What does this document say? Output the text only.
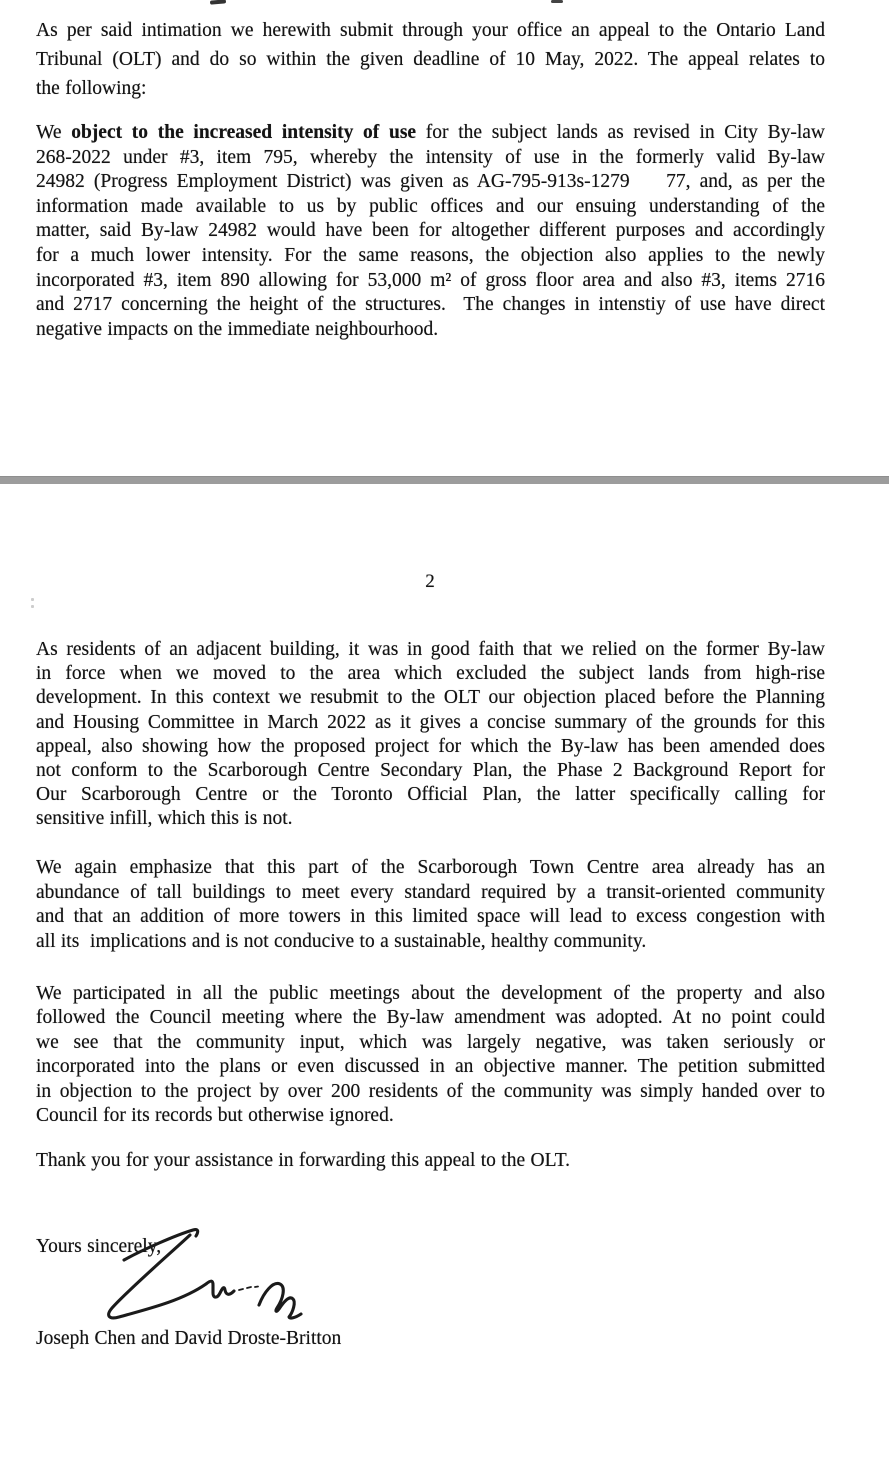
As per said intimation we herewith submit through your office an appeal to the Ontario Land
Tribunal (OLT) and do so within the given deadline of 10 May, 2022. The appeal relates to
the following:
We object to the increased intensity of use for the subject lands as revised in City By-law
268-2022 under #3, item 795, whereby the intensity of use in the formerly valid By-law
24982 (Progress Employment District) was given as AG-795-913s-1279    77, and, as per the
information made available to us by public offices and our ensuing understanding of the
matter, said By-law 24982 would have been for altogether different purposes and accordingly
for a much lower intensity. For the same reasons, the objection also applies to the newly
incorporated #3, item 890 allowing for 53,000 m² of gross floor area and also #3, items 2716
and 2717 concerning the height of the structures.  The changes in intenstiy of use have direct
negative impacts on the immediate neighbourhood.
2
As residents of an adjacent building, it was in good faith that we relied on the former By-law
in force when we moved to the area which excluded the subject lands from high-rise
development. In this context we resubmit to the OLT our objection placed before the Planning
and Housing Committee in March 2022 as it gives a concise summary of the grounds for this
appeal, also showing how the proposed project for which the By-law has been amended does
not conform to the Scarborough Centre Secondary Plan, the Phase 2 Background Report for
Our Scarborough Centre or the Toronto Official Plan, the latter specifically calling for
sensitive infill, which this is not.
We again emphasize that this part of the Scarborough Town Centre area already has an
abundance of tall buildings to meet every standard required by a transit-oriented community
and that an addition of more towers in this limited space will lead to excess congestion with
all its  implications and is not conducive to a sustainable, healthy community.
We participated in all the public meetings about the development of the property and also
followed the Council meeting where the By-law amendment was adopted. At no point could
we see that the community input, which was largely negative, was taken seriously or
incorporated into the plans or even discussed in an objective manner. The petition submitted
in objection to the project by over 200 residents of the community was simply handed over to
Council for its records but otherwise ignored.
Thank you for your assistance in forwarding this appeal to the OLT.
Yours sincerely,
Joseph Chen and David Droste-Britton
